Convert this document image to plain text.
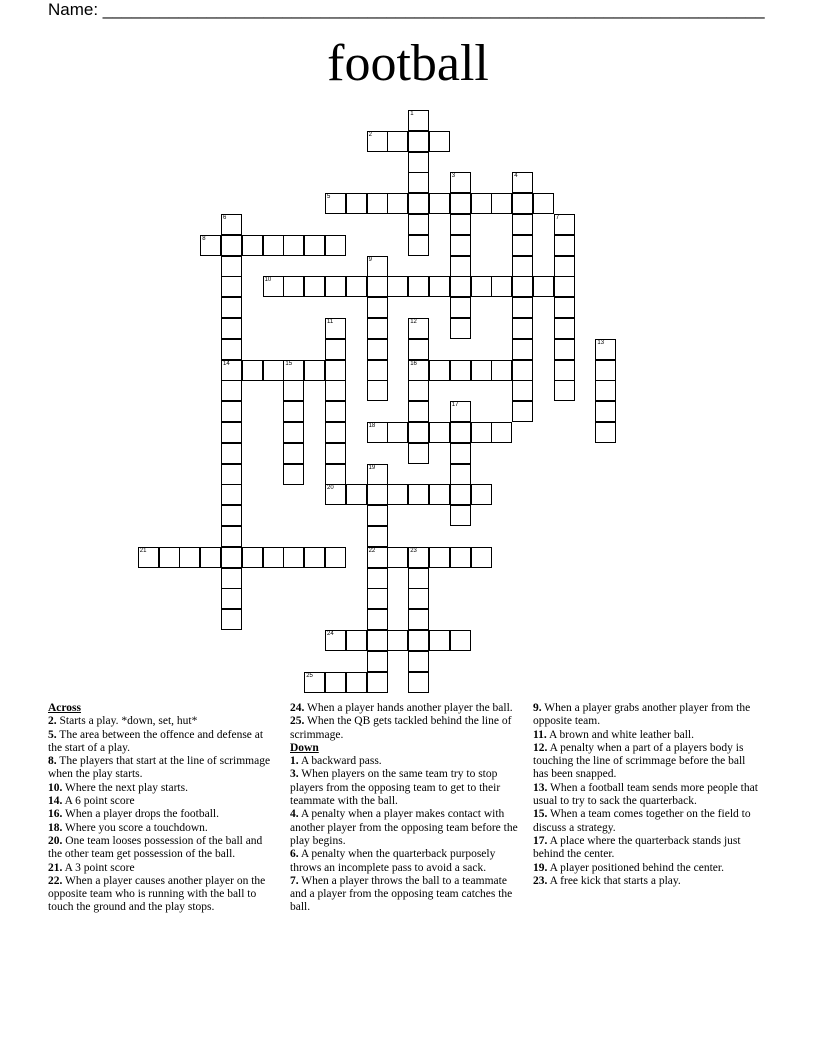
Name: ______________________________________________________________________
football
1
2
3	4
5
6
14
7
8
9
10
11	12
16
13
15
17
18
19
22
20
21	23
24
25

Across

2. Starts a play. *down, set, hut*

5. The area between the offence and defense at the start of a play.

8. The players that start at the line of scrimmage when the play starts.

10. Where the next play starts.

14. A 6 point score

16. When a player drops the football.

18. Where you score a touchdown.

20. One team looses possession of the ball and the other team get possession of the ball.

21. A 3 point score

22. When a player causes another player on the opposite team who is running with the ball to touch the ground and the play stops.

24. When a player hands another player the ball.

25. When the QB gets tackled behind the line of scrimmage.

Down

1. A backward pass.

3. When players on the same team try to stop players from the opposing team to get to their teammate with the ball.

4. A penalty when a player makes contact with another player from the opposing team before the play begins.

6. A penalty when the quarterback purposely throws an incomplete pass to avoid a sack.

7. When a player throws the ball to a teammate and a player from the opposing team catches the ball.

9. When a player grabs another player from the opposite team.

11. A brown and white leather ball.

12. A penalty when a part of a players body is touching the line of scrimmage before the ball has been snapped.

13. When a football team sends more people that usual to try to sack the quarterback.

15. When a team comes together on the field to discuss a strategy.

17. A place where the quarterback stands just behind the center.

19. A player positioned behind the center.

23. A free kick that starts a play.
